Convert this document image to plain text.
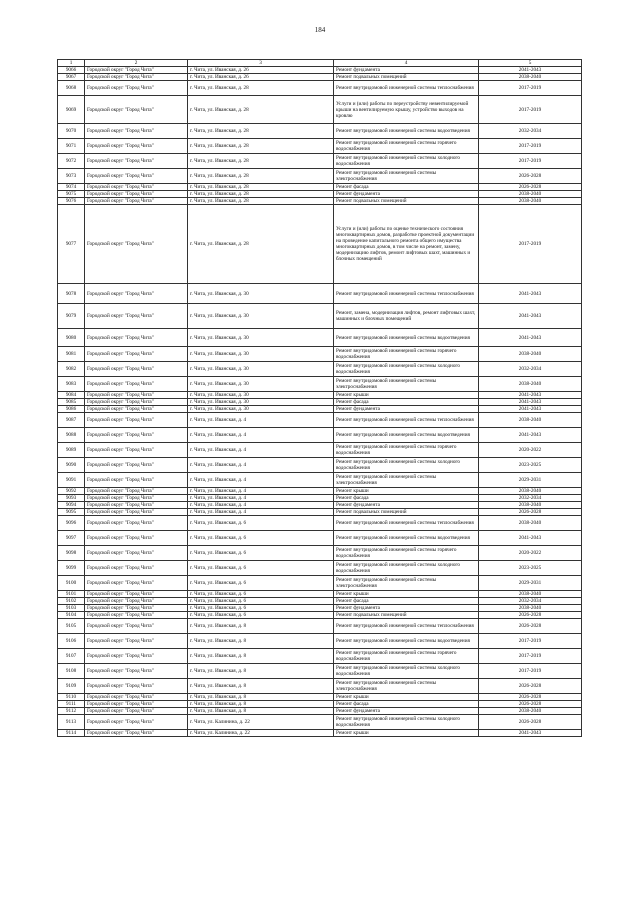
184
1	2	3	4	5
9066	Городской округ "Город Чита"	г. Чита, ул. Иванская, д. 26	Ремонт фундамента	2041-2043
9067	Городской округ "Город Чита"	г. Чита, ул. Иванская, д. 26	Ремонт подвальных помещений	2038-2040
9068	Городской округ "Город Чита"	г. Чита, ул. Иванская, д. 28	Ремонт внутридомовой инженерной системы теплоснабжения	2017-2019
9069	Городской округ "Город Чита"	г. Чита, ул. Иванская, д. 28	Услуги и (или) работы по переустройству невентилируемой крыши на вентилируемую крышу, устройство выходов на кровлю	2017-2019
9070	Городской округ "Город Чита"	г. Чита, ул. Иванская, д. 28	Ремонт внутридомовой инженерной системы водоотведения	2032-2034
9071	Городской округ "Город Чита"	г. Чита, ул. Иванская, д. 28	Ремонт внутридомовой инженерной системы горячего водоснабжения	2017-2019
9072	Городской округ "Город Чита"	г. Чита, ул. Иванская, д. 28	Ремонт внутридомовой инженерной системы холодного водоснабжения	2017-2019
9073	Городской округ "Город Чита"	г. Чита, ул. Иванская, д. 28	Ремонт внутридомовой инженерной системы электроснабжения	2026-2028
9074	Городской округ "Город Чита"	г. Чита, ул. Иванская, д. 28	Ремонт фасада	2026-2028
9075	Городской округ "Город Чита"	г. Чита, ул. Иванская, д. 28	Ремонт фундамента	2038-2040
9076	Городской округ "Город Чита"	г. Чита, ул. Иванская, д. 28	Ремонт подвальных помещений	2038-2040
9077	Городской округ "Город Чита"	г. Чита, ул. Иванская, д. 28	Услуги и (или) работы по оценке технического состояния многоквартирных домов, разработке проектной документации на проведение капитального ремонта общего имущества многоквартирных домов, в том числе на ремонт, замену, модернизацию лифтов, ремонт лифтовых шахт, машинных и блочных помещений	2017-2019
9078	Городской округ "Город Чита"	г. Чита, ул. Иванская, д. 30	Ремонт внутридомовой инженерной системы теплоснабжения	2041-2043
9079	Городской округ "Город Чита"	г. Чита, ул. Иванская, д. 30	Ремонт, замена, модернизация лифтов, ремонт лифтовых шахт, машинных и блочных помещений	2041-2043
9080	Городской округ "Город Чита"	г. Чита, ул. Иванская, д. 30	Ремонт внутридомовой инженерной системы водоотведения	2041-2043
9081	Городской округ "Город Чита"	г. Чита, ул. Иванская, д. 30	Ремонт внутридомовой инженерной системы горячего водоснабжения	2038-2040
9082	Городской округ "Город Чита"	г. Чита, ул. Иванская, д. 30	Ремонт внутридомовой инженерной системы холодного водоснабжения	2032-2034
9083	Городской округ "Город Чита"	г. Чита, ул. Иванская, д. 30	Ремонт внутридомовой инженерной системы электроснабжения	2038-2040
9084	Городской округ "Город Чита"	г. Чита, ул. Иванская, д. 30	Ремонт крыши	2041-2043
9085	Городской округ "Город Чита"	г. Чита, ул. Иванская, д. 30	Ремонт фасада	2041-2043
9086	Городской округ "Город Чита"	г. Чита, ул. Иванская, д. 30	Ремонт фундамента	2041-2043
9087	Городской округ "Город Чита"	г. Чита, ул. Иванская, д. 4	Ремонт внутридомовой инженерной системы теплоснабжения	2038-2040
9088	Городской округ "Город Чита"	г. Чита, ул. Иванская, д. 4	Ремонт внутридомовой инженерной системы водоотведения	2041-2043
9089	Городской округ "Город Чита"	г. Чита, ул. Иванская, д. 4	Ремонт внутридомовой инженерной системы горячего водоснабжения	2020-2022
9090	Городской округ "Город Чита"	г. Чита, ул. Иванская, д. 4	Ремонт внутридомовой инженерной системы холодного водоснабжения	2023-2025
9091	Городской округ "Город Чита"	г. Чита, ул. Иванская, д. 4	Ремонт внутридомовой инженерной системы электроснабжения	2029-2031
9092	Городской округ "Город Чита"	г. Чита, ул. Иванская, д. 4	Ремонт крыши	2038-2040
9093	Городской округ "Город Чита"	г. Чита, ул. Иванская, д. 4	Ремонт фасада	2032-2034
9094	Городской округ "Город Чита"	г. Чита, ул. Иванская, д. 4	Ремонт фундамента	2038-2040
9095	Городской округ "Город Чита"	г. Чита, ул. Иванская, д. 4	Ремонт подвальных помещений	2026-2028
9096	Городской округ "Город Чита"	г. Чита, ул. Иванская, д. 6	Ремонт внутридомовой инженерной системы теплоснабжения	2038-2040
9097	Городской округ "Город Чита"	г. Чита, ул. Иванская, д. 6	Ремонт внутридомовой инженерной системы водоотведения	2041-2043
9098	Городской округ "Город Чита"	г. Чита, ул. Иванская, д. 6	Ремонт внутридомовой инженерной системы горячего водоснабжения	2020-2022
9099	Городской округ "Город Чита"	г. Чита, ул. Иванская, д. 6	Ремонт внутридомовой инженерной системы холодного водоснабжения	2023-2025
9100	Городской округ "Город Чита"	г. Чита, ул. Иванская, д. 6	Ремонт внутридомовой инженерной системы электроснабжения	2029-2031
9101	Городской округ "Город Чита"	г. Чита, ул. Иванская, д. 6	Ремонт крыши	2038-2040
9102	Городской округ "Город Чита"	г. Чита, ул. Иванская, д. 6	Ремонт фасада	2032-2034
9103	Городской округ "Город Чита"	г. Чита, ул. Иванская, д. 6	Ремонт фундамента	2038-2040
9104	Городской округ "Город Чита"	г. Чита, ул. Иванская, д. 6	Ремонт подвальных помещений	2026-2028
9105	Городской округ "Город Чита"	г. Чита, ул. Иванская, д. 8	Ремонт внутридомовой инженерной системы теплоснабжения	2026-2028
9106	Городской округ "Город Чита"	г. Чита, ул. Иванская, д. 8	Ремонт внутридомовой инженерной системы водоотведения	2017-2019
9107	Городской округ "Город Чита"	г. Чита, ул. Иванская, д. 8	Ремонт внутридомовой инженерной системы горячего водоснабжения	2017-2019
9108	Городской округ "Город Чита"	г. Чита, ул. Иванская, д. 8	Ремонт внутридомовой инженерной системы холодного водоснабжения	2017-2019
9109	Городской округ "Город Чита"	г. Чита, ул. Иванская, д. 8	Ремонт внутридомовой инженерной системы электроснабжения	2026-2028
9110	Городской округ "Город Чита"	г. Чита, ул. Иванская, д. 8	Ремонт крыши	2026-2028
9111	Городской округ "Город Чита"	г. Чита, ул. Иванская, д. 8	Ремонт фасада	2026-2028
9112	Городской округ "Город Чита"	г. Чита, ул. Иванская, д. 8	Ремонт фундамента	2038-2040
9113	Городской округ "Город Чита"	г. Чита, ул. Калинина, д. 22	Ремонт внутридомовой инженерной системы холодного водоснабжения	2026-2028
9114	Городской округ "Город Чита"	г. Чита, ул. Калинина, д. 22	Ремонт крыши	2041-2043
